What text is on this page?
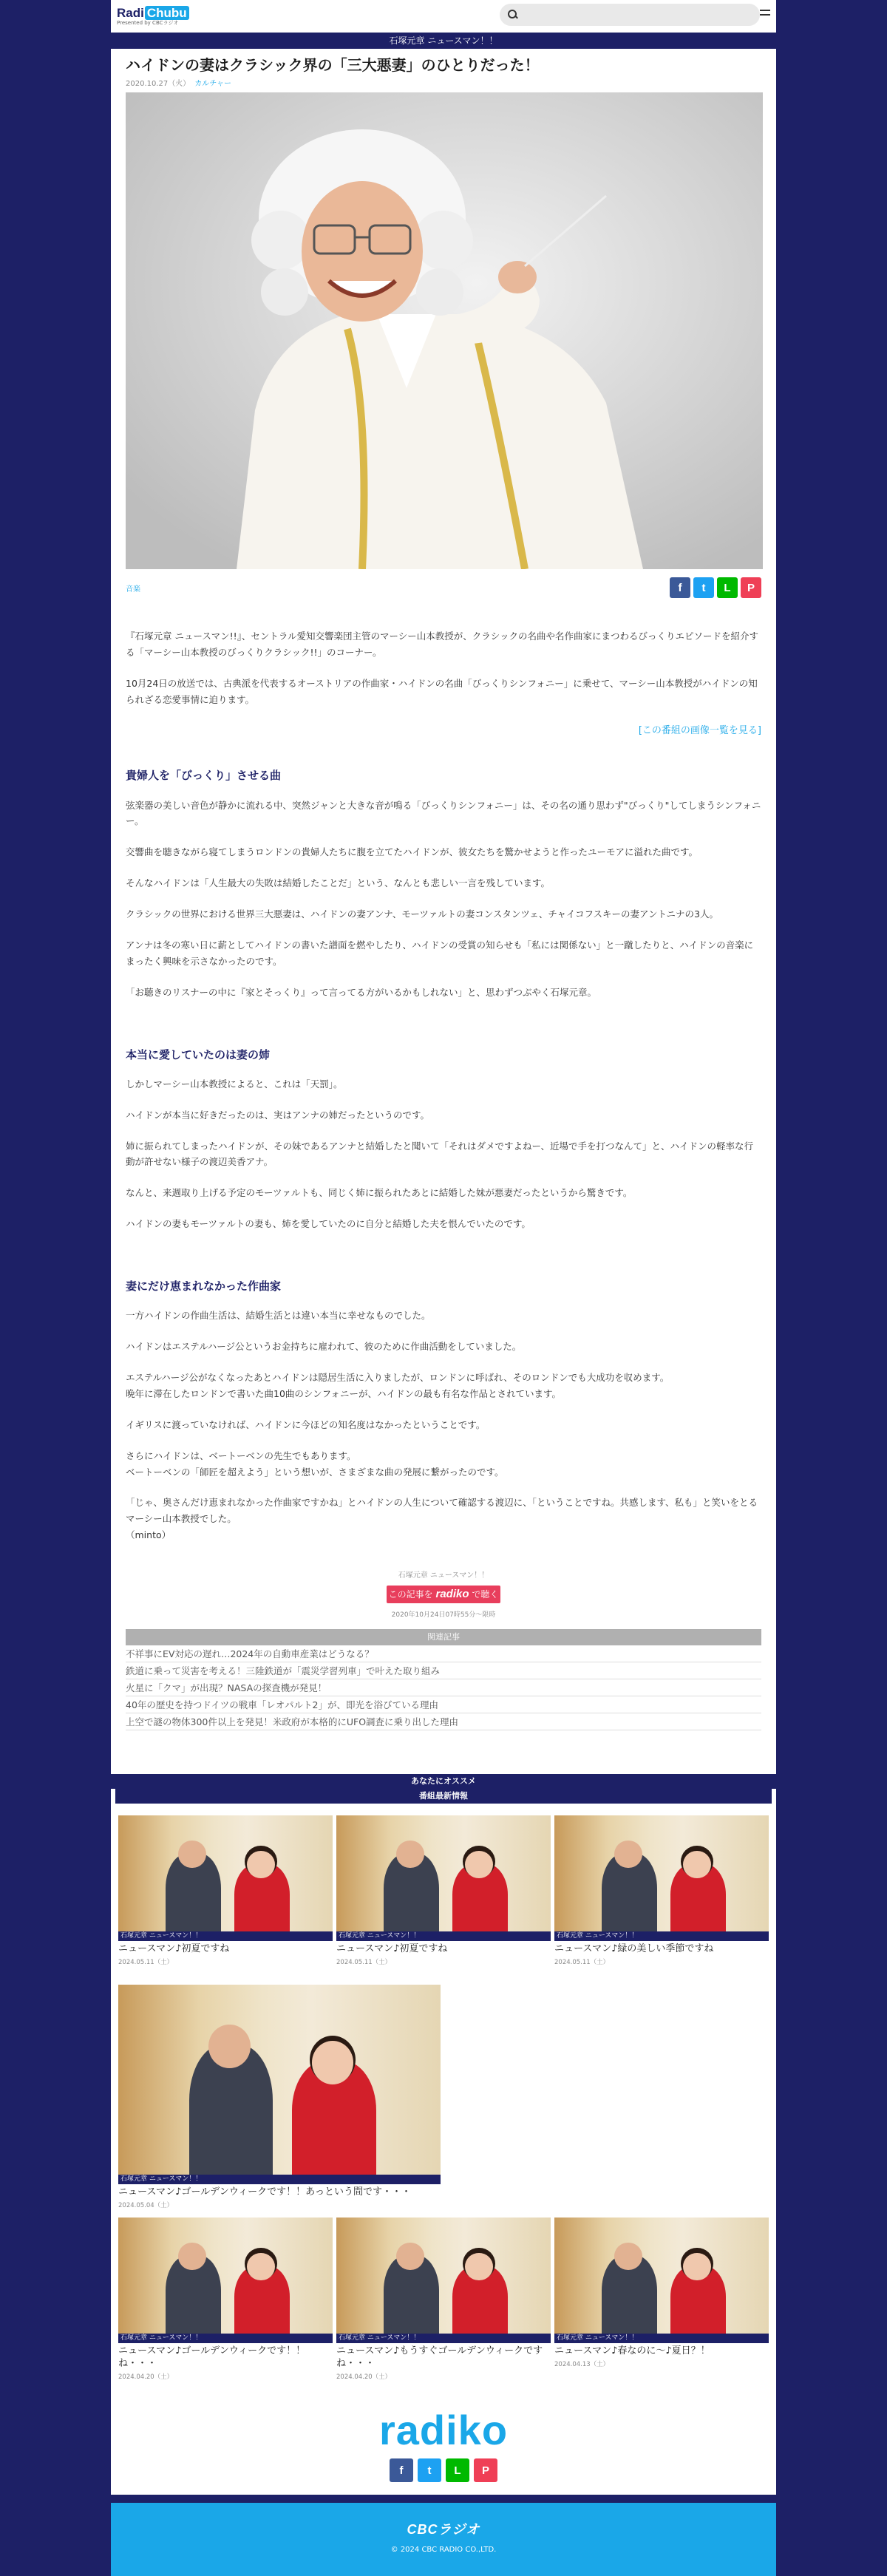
Radi Chubu
Presented by CBCラジオ
石塚元章 ニュースマン！！
ハイドンの妻はクラシック界の「三大悪妻」のひとりだった！
2020.10.27（火） カルチャー
音楽	f	t	L	P

『石塚元章 ニュースマン!!』、セントラル愛知交響楽団主管のマーシー山本教授が、クラシックの名曲や名作曲家にまつわるびっくりエピソードを紹介する「マーシー山本教授のびっくりクラシック!!」のコーナー。

10月24日の放送では、古典派を代表するオーストリアの作曲家・ハイドンの名曲「びっくりシンフォニー」に乗せて、マーシー山本教授がハイドンの知られざる恋愛事情に迫ります。

[この番組の画像一覧を見る]
貴婦人を「びっくり」させる曲

弦楽器の美しい音色が静かに流れる中、突然ジャンと大きな音が鳴る「びっくりシンフォニー」は、その名の通り思わず"びっくり"してしまうシンフォニー。

交響曲を聴きながら寝てしまうロンドンの貴婦人たちに腹を立てたハイドンが、彼女たちを驚かせようと作ったユーモアに溢れた曲です。

そんなハイドンは「人生最大の失敗は結婚したことだ」という、なんとも悲しい一言を残しています。

クラシックの世界における世界三大悪妻は、ハイドンの妻アンナ、モーツァルトの妻コンスタンツェ、チャイコフスキーの妻アントニナの3人。

アンナは冬の寒い日に薪としてハイドンの書いた譜面を燃やしたり、ハイドンの受賞の知らせも「私には関係ない」と一蹴したりと、ハイドンの音楽にまったく興味を示さなかったのです。

「お聴きのリスナーの中に『家とそっくり』って言ってる方がいるかもしれない」と、思わずつぶやく石塚元章。

本当に愛していたのは妻の姉

しかしマーシー山本教授によると、これは「天罰」。

ハイドンが本当に好きだったのは、実はアンナの姉だったというのです。

姉に振られてしまったハイドンが、その妹であるアンナと結婚したと聞いて「それはダメですよねー、近場で手を打つなんて」と、ハイドンの軽率な行動が許せない様子の渡辺美香アナ。

なんと、来週取り上げる予定のモーツァルトも、同じく姉に振られたあとに結婚した妹が悪妻だったというから驚きです。

ハイドンの妻もモーツァルトの妻も、姉を愛していたのに自分と結婚した夫を恨んでいたのです。

妻にだけ恵まれなかった作曲家

一方ハイドンの作曲生活は、結婚生活とは違い本当に幸せなものでした。

ハイドンはエステルハージ公というお金持ちに雇われて、彼のために作曲活動をしていました。

エステルハージ公がなくなったあとハイドンは隠居生活に入りましたが、ロンドンに呼ばれ、そのロンドンでも大成功を収めます。
晩年に滞在したロンドンで書いた曲10曲のシンフォニーが、ハイドンの最も有名な作品とされています。

イギリスに渡っていなければ、ハイドンに今ほどの知名度はなかったということです。

さらにハイドンは、ベートーベンの先生でもあります。
ベートーベンの「師匠を超えよう」という想いが、さまざまな曲の発展に繋がったのです。

「じゃ、奥さんだけ恵まれなかった作曲家ですかね」とハイドンの人生について確認する渡辺に、「ということですね。共感します、私も」と笑いをとるマーシー山本教授でした。
（minto）

石塚元章 ニュースマン！！
この記事を radiko で聴く
2020年10月24日07時55分〜限時
関連記事
不祥事にEV対応の遅れ…2024年の自動車産業はどうなる？
鉄道に乗って災害を考える！三陸鉄道が「震災学習列車」で叶えた取り組み
火星に「クマ」が出現？NASAの探査機が発見！
40年の歴史を持つドイツの戦車「レオパルト2」が、即光を浴びている理由
上空で謎の物体300件以上を発見！米政府が本格的にUFO調査に乗り出した理由
あなたにオススメ
番組最新情報
石塚元章 ニュースマン！！
ニュースマン♪初夏ですね
2024.05.11（土）
石塚元章 ニュースマン！！
ニュースマン♪初夏ですね
2024.05.11（土）
石塚元章 ニュースマン！！
ニュースマン♪緑の美しい季節ですね
2024.05.11（土）
石塚元章 ニュースマン！！
ニュースマン♪ゴールデンウィークです！！あっという間です・・・
2024.05.04（土）
石塚元章 ニュースマン！！
ニュースマン♪ゴールデンウィークです！！ね・・・
2024.04.20（土）
石塚元章 ニュースマン！！
ニュースマン♪もうすぐゴールデンウィークですね・・・
2024.04.20（土）
石塚元章 ニュースマン！！
ニュースマン♪春なのに〜♪夏日？！
2024.04.13（土）
radiko
f	t	L	P
CBCラジオ
© 2024 CBC RADIO CO.,LTD.
